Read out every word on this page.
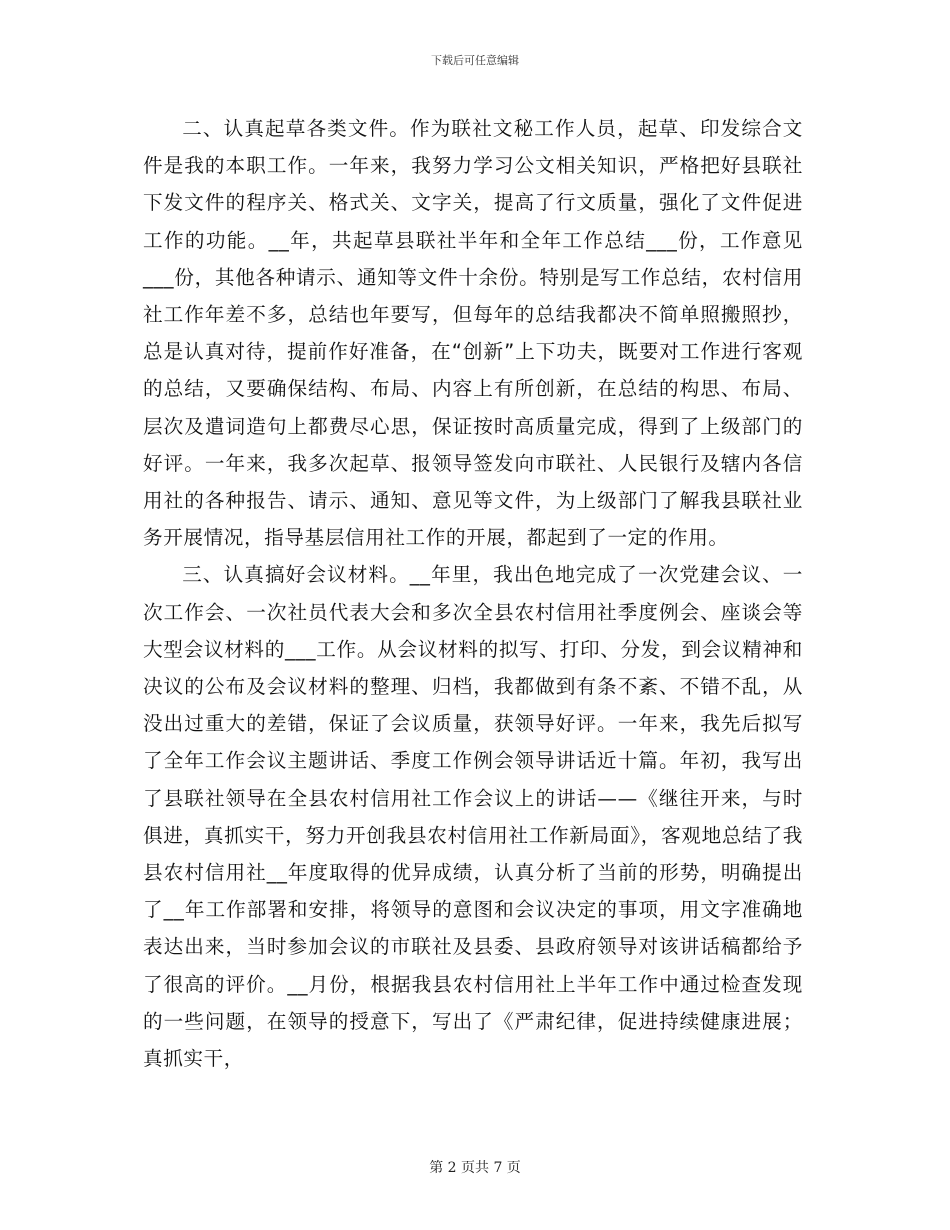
下载后可任意编辑

二、认真起草各类文件。作为联社文秘工作人员，起草、印发综合文件是我的本职工作。一年来，我努力学习公文相关知识，严格把好县联社下发文件的程序关、格式关、文字关，提高了行文质量，强化了文件促进工作的功能。__年，共起草县联社半年和全年工作总结___份，工作意见___份，其他各种请示、通知等文件十余份。特别是写工作总结，农村信用社工作年差不多，总结也年要写，但每年的总结我都决不简单照搬照抄，总是认真对待，提前作好准备，在“创新”上下功夫，既要对工作进行客观的总结，又要确保结构、布局、内容上有所创新，在总结的构思、布局、层次及遣词造句上都费尽心思，保证按时高质量完成，得到了上级部门的好评。一年来，我多次起草、报领导签发向市联社、人民银行及辖内各信用社的各种报告、请示、通知、意见等文件，为上级部门了解我县联社业务开展情况，指导基层信用社工作的开展，都起到了一定的作用。

三、认真搞好会议材料。__年里，我出色地完成了一次党建会议、一次工作会、一次社员代表大会和多次全县农村信用社季度例会、座谈会等大型会议材料的___工作。从会议材料的拟写、打印、分发，到会议精神和决议的公布及会议材料的整理、归档，我都做到有条不紊、不错不乱，从没出过重大的差错，保证了会议质量，获领导好评。一年来，我先后拟写了全年工作会议主题讲话、季度工作例会领导讲话近十篇。年初，我写出了县联社领导在全县农村信用社工作会议上的讲话——《继往开来，与时俱进，真抓实干，努力开创我县农村信用社工作新局面》，客观地总结了我县农村信用社__年度取得的优异成绩，认真分析了当前的形势，明确提出了__年工作部署和安排，将领导的意图和会议决定的事项，用文字准确地表达出来，当时参加会议的市联社及县委、县政府领导对该讲话稿都给予了很高的评价。__月份，根据我县农村信用社上半年工作中通过检查发现的一些问题，在领导的授意下，写出了《严肃纪律，促进持续健康进展；真抓实干，

第 2 页共 7 页
